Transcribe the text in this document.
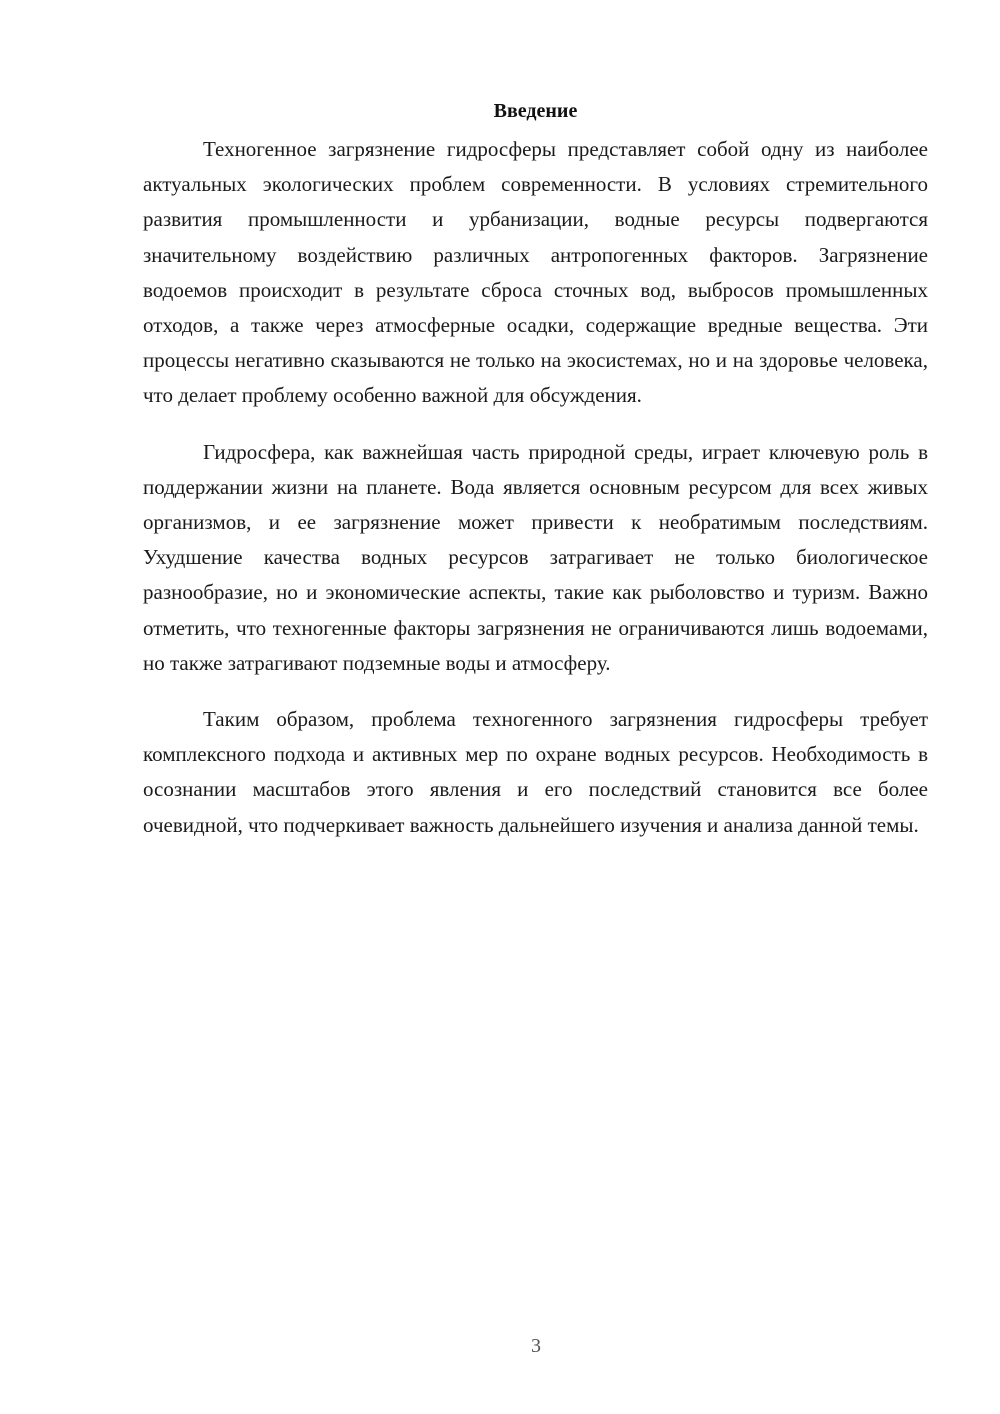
Введение

Техногенное загрязнение гидросферы представляет собой одну из наиболее актуальных экологических проблем современности. В условиях стремительного развития промышленности и урбанизации, водные ресурсы подвергаются значительному воздействию различных антропогенных факторов. Загрязнение водоемов происходит в результате сброса сточных вод, выбросов промышленных отходов, а также через атмосферные осадки, содержащие вредные вещества. Эти процессы негативно сказываются не только на экосистемах, но и на здоровье человека, что делает проблему особенно важной для обсуждения.

Гидросфера, как важнейшая часть природной среды, играет ключевую роль в поддержании жизни на планете. Вода является основным ресурсом для всех живых организмов, и ее загрязнение может привести к необратимым последствиям. Ухудшение качества водных ресурсов затрагивает не только биологическое разнообразие, но и экономические аспекты, такие как рыболовство и туризм. Важно отметить, что техногенные факторы загрязнения не ограничиваются лишь водоемами, но также затрагивают подземные воды и атмосферу.

Таким образом, проблема техногенного загрязнения гидросферы требует комплексного подхода и активных мер по охране водных ресурсов. Необходимость в осознании масштабов этого явления и его последствий становится все более очевидной, что подчеркивает важность дальнейшего изучения и анализа данной темы.

3
